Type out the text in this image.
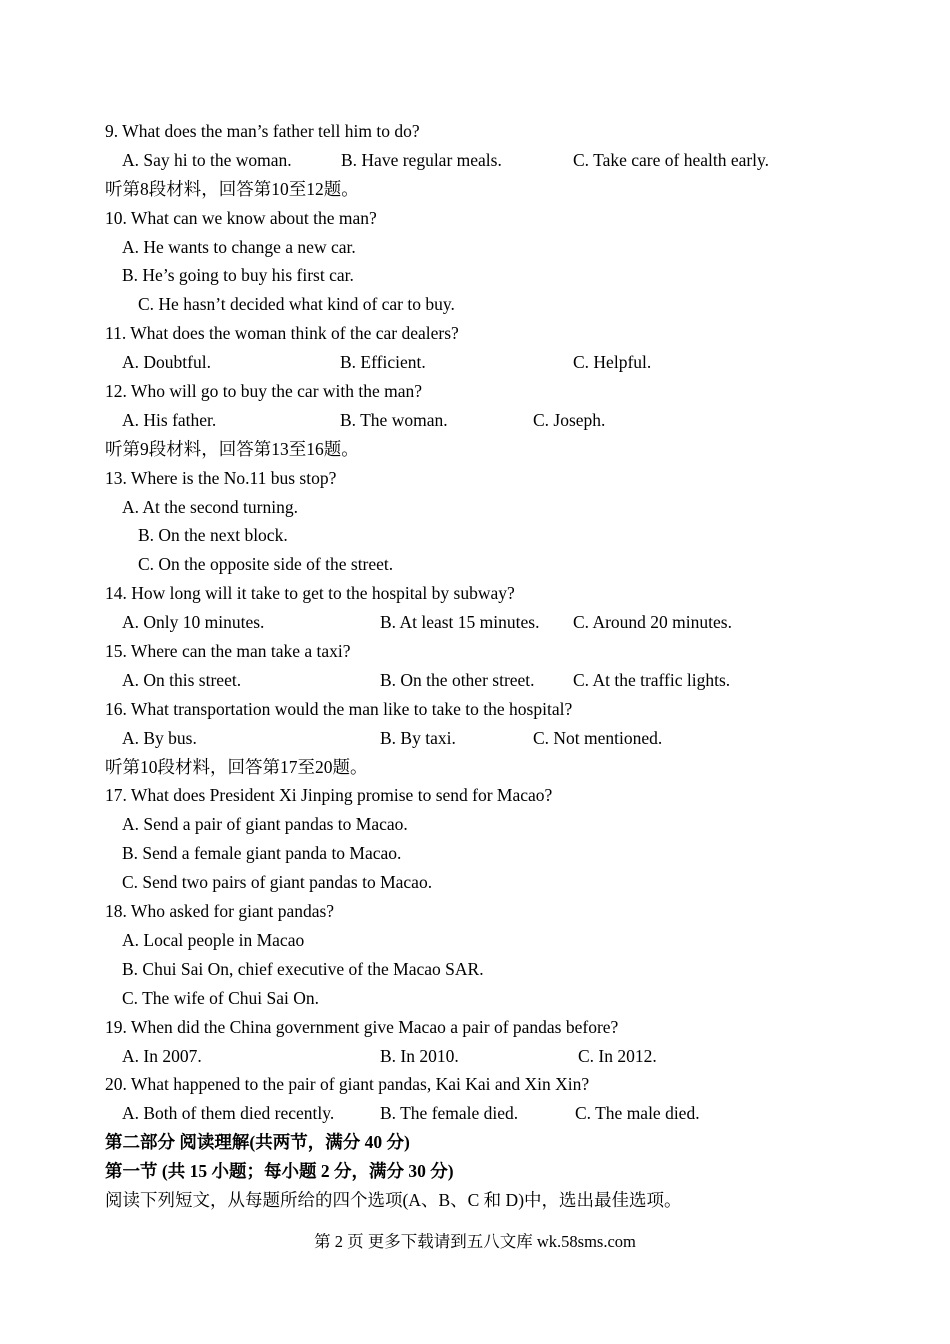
9. What does the man’s father tell him to do?
A. Say hi to the woman.	B. Have regular meals.	C. Take care of health early.
听第8段材料，回答第10至12题。
10. What can we know about the man?
A. He wants to change a new car.
B. He’s going to buy his first car.
C. He hasn’t decided what kind of car to buy.
11. What does the woman think of the car dealers?
A. Doubtful.	B. Efficient.	C. Helpful.
12. Who will go to buy the car with the man?
A. His father.	B. The woman.	C. Joseph.
听第9段材料，回答第13至16题。
13. Where is the No.11 bus stop?
A. At the second turning.
B. On the next block.
C. On the opposite side of the street.
14. How long will it take to get to the hospital by subway?
A. Only 10 minutes.	B. At least 15 minutes. C. Around 20 minutes.
15. Where can the man take a taxi?
A. On this street.	B. On the other street. C. At the traffic lights.
16. What transportation would the man like to take to the hospital?
A. By bus.	B. By taxi.	C. Not mentioned.
听第10段材料，回答第17至20题。
17. What does President Xi Jinping promise to send for Macao?
A. Send a pair of giant pandas to Macao.
B. Send a female giant panda to Macao.
C. Send two pairs of giant pandas to Macao.
18. Who asked for giant pandas?
A. Local people in Macao
B. Chui Sai On, chief executive of the Macao SAR.
C. The wife of Chui Sai On.
19. When did the China government give Macao a pair of pandas before?
A. In 2007.	B. In 2010.	C. In 2012.
20. What happened to the pair of giant pandas, Kai Kai and Xin Xin?
A. Both of them died recently.	B. The female died.	C. The male died.
第二部分 阅读理解(共两节，满分 40 分)
第一节 (共 15 小题；每小题 2 分，满分 30 分)
阅读下列短文，从每题所给的四个选项(A、B、C 和 D)中，选出最佳选项。
第 2 页 更多下载请到五八文库 wk.58sms.com
